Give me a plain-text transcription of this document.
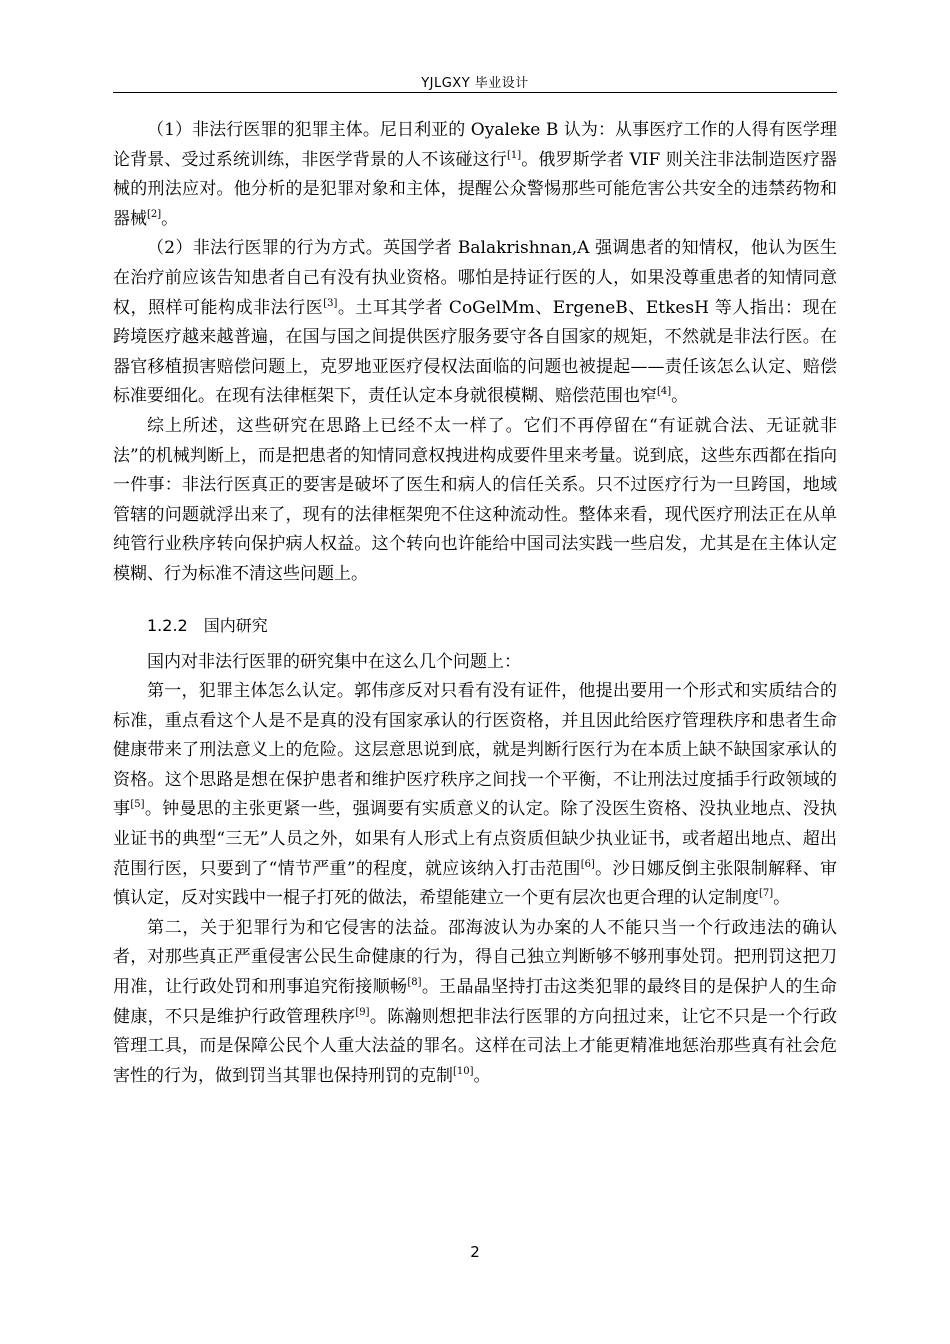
YJLGXY 毕业设计

（1）非法行医罪的犯罪主体。尼日利亚的 Oyaleke B 认为：从事医疗工作的人得有医学理论背景、受过系统训练，非医学背景的人不该碰这行[1]。俄罗斯学者 VIF 则关注非法制造医疗器械的刑法应对。他分析的是犯罪对象和主体，提醒公众警惕那些可能危害公共安全的违禁药物和器械[2]。

（2）非法行医罪的行为方式。英国学者 Balakrishnan,A 强调患者的知情权，他认为医生在治疗前应该告知患者自己有没有执业资格。哪怕是持证行医的人，如果没尊重患者的知情同意权，照样可能构成非法行医[3]。土耳其学者 CoGelMm、ErgeneB、EtkesH 等人指出：现在跨境医疗越来越普遍，在国与国之间提供医疗服务要守各自国家的规矩，不然就是非法行医。在器官移植损害赔偿问题上，克罗地亚医疗侵权法面临的问题也被提起——责任该怎么认定、赔偿标准要细化。在现有法律框架下，责任认定本身就很模糊、赔偿范围也窄[4]。

综上所述，这些研究在思路上已经不太一样了。它们不再停留在“有证就合法、无证就非法”的机械判断上，而是把患者的知情同意权拽进构成要件里来考量。说到底，这些东西都在指向一件事：非法行医真正的要害是破坏了医生和病人的信任关系。只不过医疗行为一旦跨国，地域管辖的问题就浮出来了，现有的法律框架兜不住这种流动性。整体来看，现代医疗刑法正在从单纯管行业秩序转向保护病人权益。这个转向也许能给中国司法实践一些启发，尤其是在主体认定模糊、行为标准不清这些问题上。

1.2.2 国内研究

国内对非法行医罪的研究集中在这么几个问题上：

第一，犯罪主体怎么认定。郭伟彦反对只看有没有证件，他提出要用一个形式和实质结合的标准，重点看这个人是不是真的没有国家承认的行医资格，并且因此给医疗管理秩序和患者生命健康带来了刑法意义上的危险。这层意思说到底，就是判断行医行为在本质上缺不缺国家承认的资格。这个思路是想在保护患者和维护医疗秩序之间找一个平衡，不让刑法过度插手行政领域的事[5]。钟曼思的主张更紧一些，强调要有实质意义的认定。除了没医生资格、没执业地点、没执业证书的典型“三无”人员之外，如果有人形式上有点资质但缺少执业证书，或者超出地点、超出范围行医，只要到了“情节严重”的程度，就应该纳入打击范围[6]。沙日娜反倒主张限制解释、审慎认定，反对实践中一棍子打死的做法，希望能建立一个更有层次也更合理的认定制度[7]。

第二，关于犯罪行为和它侵害的法益。邵海波认为办案的人不能只当一个行政违法的确认者，对那些真正严重侵害公民生命健康的行为，得自己独立判断够不够刑事处罚。把刑罚这把刀用准，让行政处罚和刑事追究衔接顺畅[8]。王晶晶坚持打击这类犯罪的最终目的是保护人的生命健康，不只是维护行政管理秩序[9]。陈瀚则想把非法行医罪的方向扭过来，让它不只是一个行政管理工具，而是保障公民个人重大法益的罪名。这样在司法上才能更精准地惩治那些真有社会危害性的行为，做到罚当其罪也保持刑罚的克制[10]。

2
